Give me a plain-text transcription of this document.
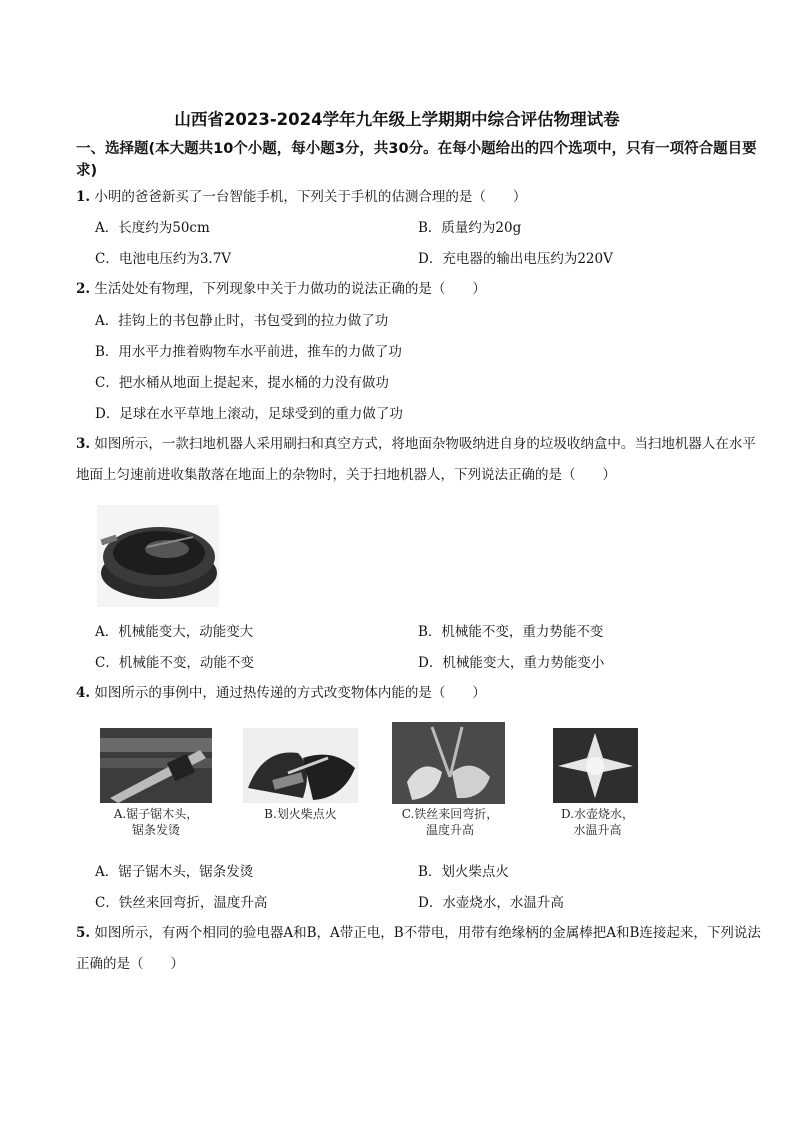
山西省2023-2024学年九年级上学期期中综合评估物理试卷
一、选择题(本大题共10个小题，每小题3分，共30分。在每小题给出的四个选项中，只有一项符合题目要求)
1. 小明的爸爸新买了一台智能手机，下列关于手机的估测合理的是（　　）
A．长度约为50cm	B．质量约为20g
C．电池电压约为3.7V	D．充电器的输出电压约为220V
2. 生活处处有物理，下列现象中关于力做功的说法正确的是（　　）
A．挂钩上的书包静止时，书包受到的拉力做了功
B．用水平力推着购物车水平前进，推车的力做了功
C．把水桶从地面上提起来，提水桶的力没有做功
D．足球在水平草地上滚动，足球受到的重力做了功
3. 如图所示，一款扫地机器人采用刷扫和真空方式，将地面杂物吸纳进自身的垃圾收纳盒中。当扫地机器人在水平地面上匀速前进收集散落在地面上的杂物时，关于扫地机器人，下列说法正确的是（　　）
A．机械能变大，动能变大	B．机械能不变，重力势能不变
C．机械能不变，动能不变	D．机械能变大，重力势能变小
4. 如图所示的事例中，通过热传递的方式改变物体内能的是（　　）
A.锯子锯木头，
锯条发烫
B.划火柴点火	C.铁丝来回弯折，
温度升高
D.水壶烧水，
水温升高
A．锯子锯木头，锯条发烫	B．划火柴点火
C．铁丝来回弯折，温度升高	D．水壶烧水，水温升高
5. 如图所示，有两个相同的验电器A和B，A带正电，B不带电，用带有绝缘柄的金属棒把A和B连接起来，下列说法正确的是（　　）
